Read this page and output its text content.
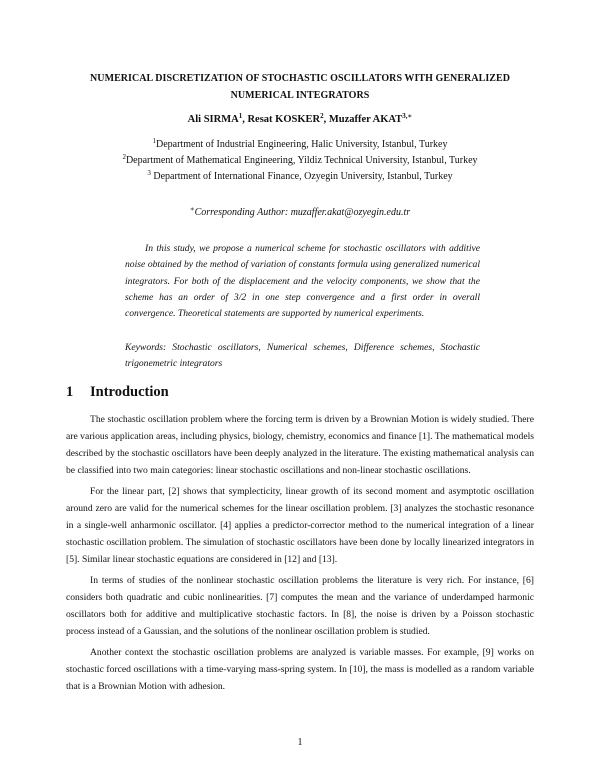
NUMERICAL DISCRETIZATION OF STOCHASTIC OSCILLATORS WITH GENERALIZED NUMERICAL INTEGRATORS
Ali SIRMA$^1$, Resat KOSKER$^2$, Muzaffer $AKAT^{3,∗}$
$^1$Department of Industrial Engineering, Halic University, Istanbul, Turkey
$^2$Department of Mathematical Engineering, Yildiz Technical University, Istanbul, Turkey
$^3$ Department of International Finance, Ozyegin University, Istanbul, Turkey
∗Corresponding Author: muzaffer.akat@ozyegin.edu.tr

In this study, we propose a numerical scheme for stochastic oscillators with additive noise obtained by the method of variation of constants formula using generalized numerical integrators. For both of the displacement and the velocity components, we show that the scheme has an order of 3/2 in one step convergence and a first order in overall convergence. Theoretical statements are supported by numerical experiments.

Keywords: Stochastic oscillators, Numerical schemes, Difference schemes, Stochastic trigonemetric integrators

1 Introduction

The stochastic oscillation problem where the forcing term is driven by a Brownian Motion is widely studied. There are various application areas, including physics, biology, chemistry, economics and finance [1]. The mathematical models described by the stochastic oscillators have been deeply analyzed in the literature. The existing mathematical analysis can be classified into two main categories: linear stochastic oscillations and non-linear stochastic oscillations.

For the linear part, [2] shows that symplecticity, linear growth of its second moment and asymptotic oscillation around zero are valid for the numerical schemes for the linear oscillation problem. [3] analyzes the stochastic resonance in a single-well anharmonic oscillator. [4] applies a predictor-corrector method to the numerical integration of a linear stochastic oscillation problem. The simulation of stochastic oscillators have been done by locally linearized integrators in [5]. Similar linear stochastic equations are considered in [12] and [13].

In terms of studies of the nonlinear stochastic oscillation problems the literature is very rich. For instance, [6] considers both quadratic and cubic nonlinearities. [7] computes the mean and the variance of underdamped harmonic oscillators both for additive and multiplicative stochastic factors. In [8], the noise is driven by a Poisson stochastic process instead of a Gaussian, and the solutions of the nonlinear oscillation problem is studied.

Another context the stochastic oscillation problems are analyzed is variable masses. For example, [9] works on stochastic forced oscillations with a time-varying mass-spring system. In [10], the mass is modelled as a random variable that is a Brownian Motion with adhesion.

1
